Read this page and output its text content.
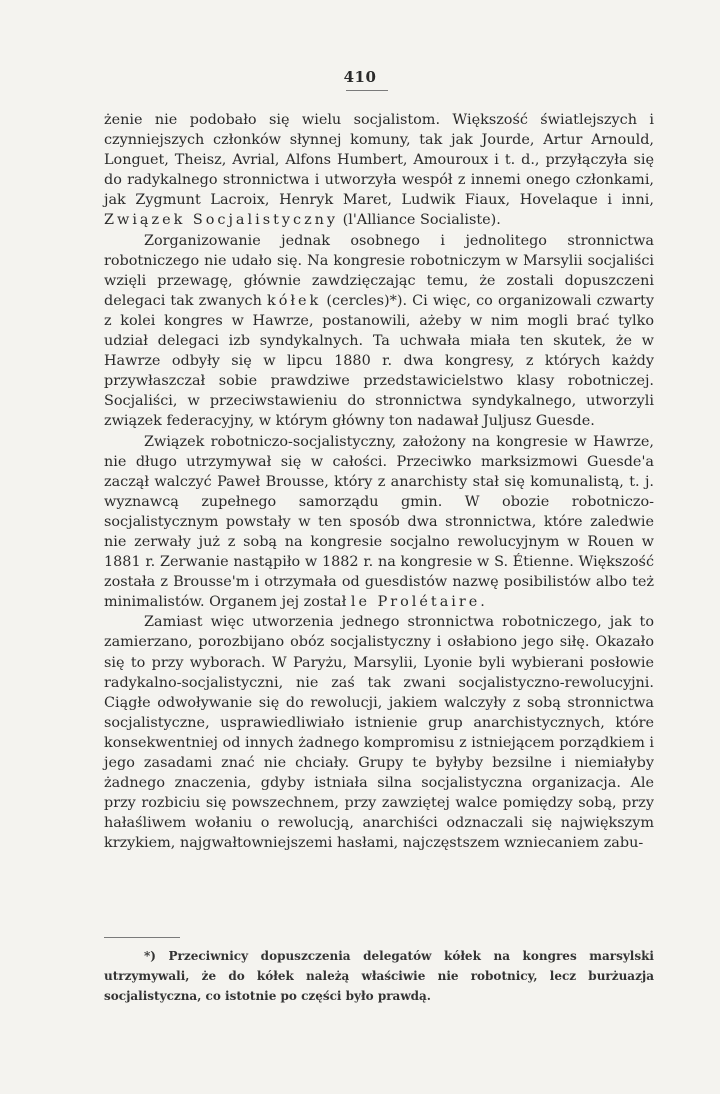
410

żenie nie podobało się wielu socjalistom. Większość światlejszych i czynniejszych członków słynnej komuny, tak jak Jourde, Artur Arnould, Longuet, Theisz, Avrial, Alfons Humbert, Amouroux i t. d., przyłączyła się do radykalnego stronnictwa i utworzyła wespół z innemi onego członkami, jak Zygmunt Lacroix, Henryk Maret, Ludwik Fiaux, Hovelaque i inni, Związek Socjalistyczny (l'Alliance Socialiste).

Zorganizowanie jednak osobnego i jednolitego stronnictwa robotniczego nie udało się. Na kongresie robotniczym w Marsylii socjaliści wzięli przewagę, głównie zawdzięczając temu, że zostali dopuszczeni delegaci tak zwanych kółek (cercles)*). Ci więc, co organizowali czwarty z kolei kongres w Hawrze, postanowili, ażeby w nim mogli brać tylko udział delegaci izb syndykalnych. Ta uchwała miała ten skutek, że w Hawrze odbyły się w lipcu 1880 r. dwa kongresy, z których każdy przywłaszczał sobie prawdziwe przedstawicielstwo klasy robotniczej. Socjaliści, w przeciwstawieniu do stronnictwa syndykalnego, utworzyli związek federacyjny, w którym główny ton nadawał Juljusz Guesde.

Związek robotniczo-socjalistyczny, założony na kongresie w Hawrze, nie długo utrzymywał się w całości. Przeciwko marksizmowi Guesde'a zaczął walczyć Paweł Brousse, który z anarchisty stał się komunalistą, t. j. wyznawcą zupełnego samorządu gmin. W obozie robotniczo-socjalistycznym powstały w ten sposób dwa stronnictwa, które zaledwie nie zerwały już z sobą na kongresie socjalno rewolucyjnym w Rouen w 1881 r. Zerwanie nastąpiło w 1882 r. na kongresie w S. Étienne. Większość została z Brousse'm i otrzymała od guesdistów nazwę posibilistów albo też minimalistów. Organem jej został le Prolétaire.

Zamiast więc utworzenia jednego stronnictwa robotniczego, jak to zamierzano, porozbijano obóz socjalistyczny i osłabiono jego siłę. Okazało się to przy wyborach. W Paryżu, Marsylii, Lyonie byli wybierani posłowie radykalno-socjalistyczni, nie zaś tak zwani socjalistyczno-rewolucyjni. Ciągłe odwoływanie się do rewolucji, jakiem walczyły z sobą stronnictwa socjalistyczne, usprawiedliwiało istnienie grup anarchistycznych, które konsekwentniej od innych żadnego kompromisu z istniejącem porządkiem i jego zasadami znać nie chciały. Grupy te byłyby bezsilne i niemiałyby żadnego znaczenia, gdyby istniała silna socjalistyczna organizacja. Ale przy rozbiciu się powszechnem, przy zawziętej walce pomiędzy sobą, przy hałaśliwem wołaniu o rewolucją, anarchiści odznaczali się największym krzykiem, najgwałtowniejszemi hasłami, najczęstszem wzniecaniem zabu-

*) Przeciwnicy dopuszczenia delegatów kółek na kongres marsylski utrzymywali, że do kółek należą właściwie nie robotnicy, lecz burżuazja socjalistyczna, co istotnie po części było prawdą.
